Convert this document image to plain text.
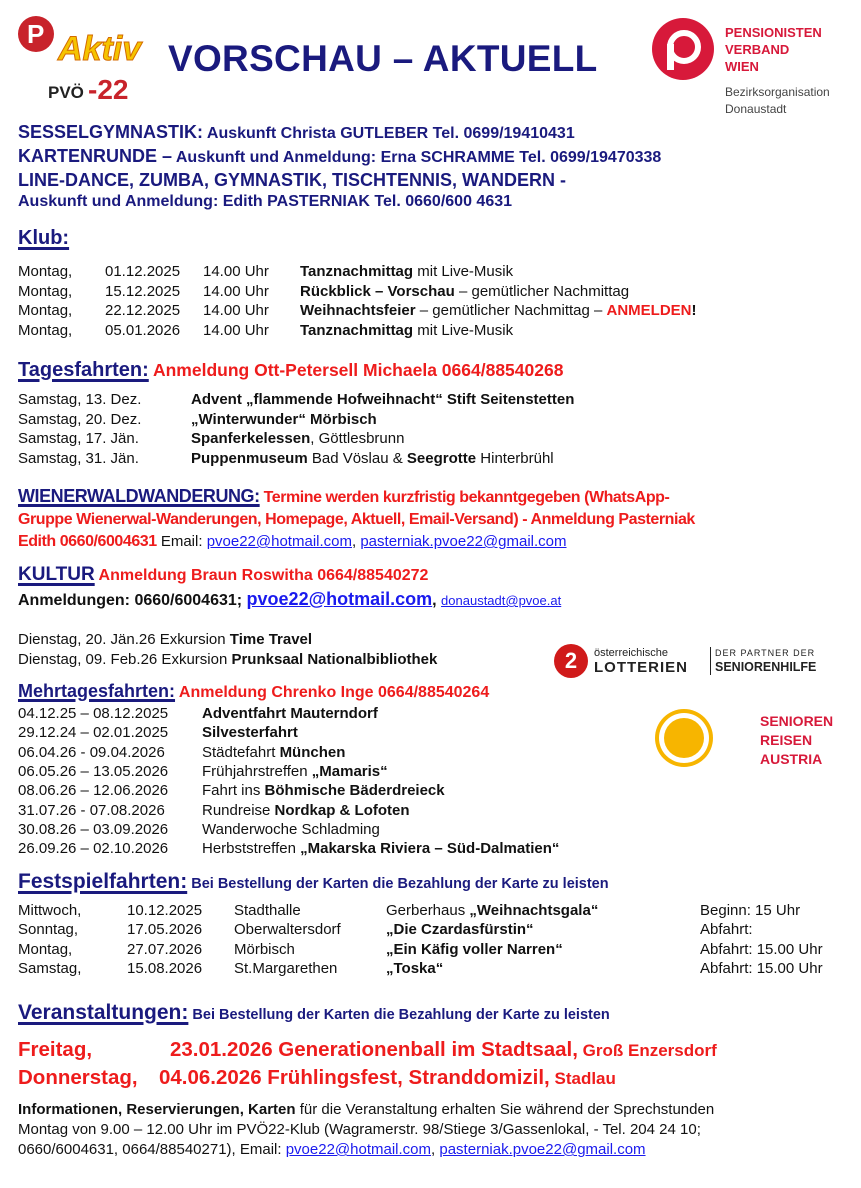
P Aktiv
PVÖ -22
VORSCHAU – AKTUELL
PENSIONISTEN
VERBAND
WIEN
Bezirksorganisation
Donaustadt
SESSELGYMNASTIK: Auskunft Christa GUTLEBER Tel. 0699/19410431
KARTENRUNDE – Auskunft und Anmeldung: Erna SCHRAMME Tel. 0699/19470338
LINE-DANCE, ZUMBA, GYMNASTIK, TISCHTENNIS, WANDERN -
Auskunft und Anmeldung: Edith PASTERNIAK Tel. 0660/600 4631
Klub:
Montag, 01.12.2025 14.00 Uhr Tanznachmittag mit Live-Musik
Montag, 15.12.2025 14.00 Uhr Rückblick – Vorschau – gemütlicher Nachmittag
Montag, 22.12.2025 14.00 Uhr Weihnachtsfeier – gemütlicher Nachmittag – ANMELDEN!
Montag, 05.01.2026 14.00 Uhr Tanznachmittag mit Live-Musik
Tagesfahrten: Anmeldung Ott-Petersell Michaela 0664/88540268
Samstag, 13. Dez.	Advent „flammende Hofweihnacht“ Stift Seitenstetten
Samstag, 20. Dez.	„Winterwunder“ Mörbisch
Samstag, 17. Jän.	Spanferkelessen, Göttlesbrunn
Samstag, 31. Jän.	Puppenmuseum Bad Vöslau & Seegrotte Hinterbrühl
WIENERWALDWANDERUNG: Termine werden kurzfristig bekanntgegeben (WhatsApp-
Gruppe Wienerwal-Wanderungen, Homepage, Aktuell, Email-Versand) - Anmeldung Pasterniak
Edith 0660/6004631 Email: pvoe22@hotmail.com, pasterniak.pvoe22@gmail.com
KULTUR Anmeldung Braun Roswitha 0664/88540272
Anmeldungen: 0660/6004631; pvoe22@hotmail.com, donaustadt@pvoe.at
Dienstag, 20. Jän.26 Exkursion Time Travel
Dienstag, 09. Feb.26 Exkursion Prunksaal Nationalbibliothek	2	österreichische
LOTTERIEN
DER PARTNER DER
SENIORENHILFE
Mehrtagesfahrten: Anmeldung Chrenko Inge 0664/88540264
04.12.25 – 08.12.2025 Adventfahrt Mauterndorf
29.12.24 – 02.01.2025 Silvesterfahrt
06.04.26 - 09.04.2026 Städtefahrt München
06.05.26 – 13.05.2026 Frühjahrstreffen „Mamaris“
08.06.26 – 12.06.2026 Fahrt ins Böhmische Bäderdreieck
31.07.26 - 07.08.2026 Rundreise Nordkap & Lofoten
30.08.26 – 03.09.2026 Wanderwoche Schladming
26.09.26 – 02.10.2026 Herbststreffen „Makarska Riviera – Süd-Dalmatien“
SENIOREN
REISEN
AUSTRIA
Festspielfahrten: Bei Bestellung der Karten die Bezahlung der Karte zu leisten
Mittwoch,	10.12.2025 Stadthalle	Gerberhaus „Weihnachtsgala“	Beginn: 15 Uhr
Sonntag,	17.05.2026 Oberwaltersdorf	„Die Czardasfürstin“	Abfahrt:
Montag,	27.07.2026 Mörbisch	„Ein Käfig voller Narren“	Abfahrt: 15.00 Uhr
Samstag,	15.08.2026 St.Margarethen	„Toska“	Abfahrt: 15.00 Uhr
Veranstaltungen: Bei Bestellung der Karten die Bezahlung der Karte zu leisten
Freitag,	23.01.2026 Generationenball im Stadtsaal, Groß Enzersdorf
Donnerstag, 04.06.2026 Frühlingsfest, Stranddomizil, Stadlau
Informationen, Reservierungen, Karten für die Veranstaltung erhalten Sie während der Sprechstunden
Montag von 9.00 – 12.00 Uhr im PVÖ22-Klub (Wagramerstr. 98/Stiege 3/Gassenlokal, - Tel. 204 24 10;
0660/6004631, 0664/88540271), Email: pvoe22@hotmail.com, pasterniak.pvoe22@gmail.com
